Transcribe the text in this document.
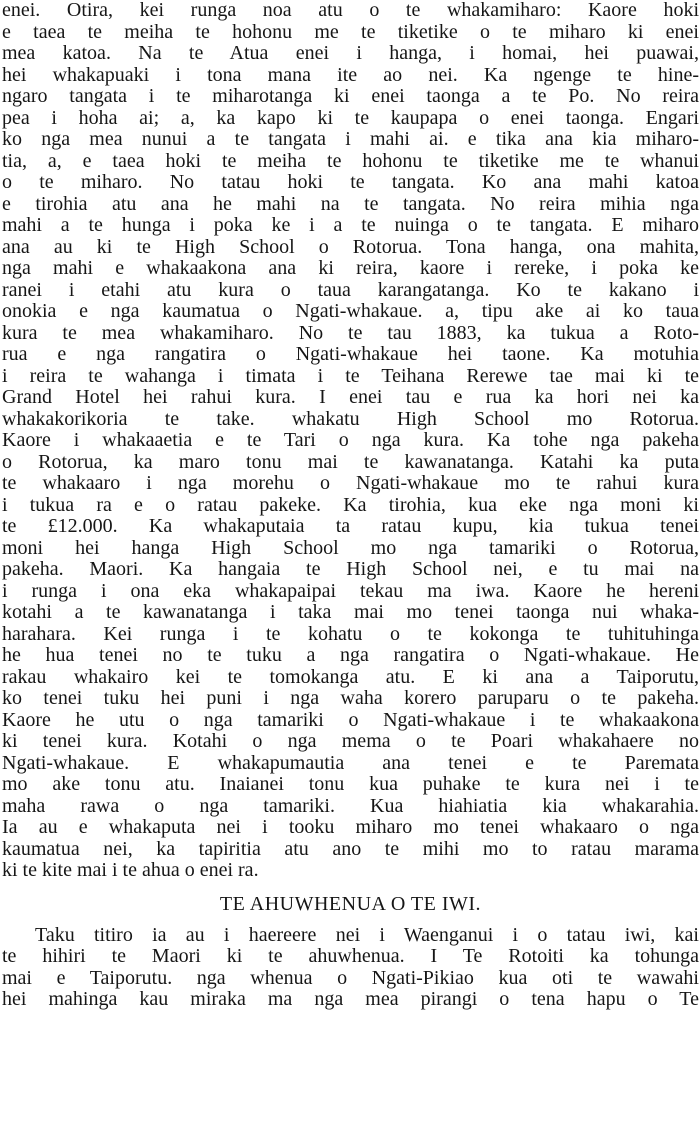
enei. Otira, kei runga noa atu o te whakamiharo: Kaore hoki
e taea te meiha te hohonu me te tiketike o te miharo ki enei
mea katoa. Na te Atua enei i hanga, i homai, hei puawai,
hei whakapuaki i tona mana ite ao nei. Ka ngenge te hine-
ngaro tangata i te miharotanga ki enei taonga a te Po. No reira
pea i hoha ai; a, ka kapo ki te kaupapa o enei taonga. Engari
ko nga mea nunui a te tangata i mahi ai. e tika ana kia miharo-
tia, a, e taea hoki te meiha te hohonu te tiketike me te whanui
o te miharo. No tatau hoki te tangata. Ko ana mahi katoa
e tirohia atu ana he mahi na te tangata. No reira mihia nga
mahi a te hunga i poka ke i a te nuinga o te tangata. E miharo
ana au ki te High School o Rotorua. Tona hanga, ona mahita,
nga mahi e whakaakona ana ki reira, kaore i rereke, i poka ke
ranei i etahi atu kura o taua karangatanga. Ko te kakano i
onokia e nga kaumatua o Ngati-whakaue. a, tipu ake ai ko taua
kura te mea whakamiharo. No te tau 1883, ka tukua a Roto-
rua e nga rangatira o Ngati-whakaue hei taone. Ka motuhia
i reira te wahanga i timata i te Teihana Rerewe tae mai ki te
Grand Hotel hei rahui kura. I enei tau e rua ka hori nei ka
whakakorikoria te take. whakatu High School mo Rotorua.
Kaore i whakaaetia e te Tari o nga kura. Ka tohe nga pakeha
o Rotorua, ka maro tonu mai te kawanatanga. Katahi ka puta
te whakaaro i nga morehu o Ngati-whakaue mo te rahui kura
i tukua ra e o ratau pakeke. Ka tirohia, kua eke nga moni ki
te £12.000. Ka whakaputaia ta ratau kupu, kia tukua tenei
moni hei hanga High School mo nga tamariki o Rotorua,
pakeha. Maori. Ka hangaia te High School nei, e tu mai na
i runga i ona eka whakapaipai tekau ma iwa. Kaore he hereni
kotahi a te kawanatanga i taka mai mo tenei taonga nui whaka-
harahara. Kei runga i te kohatu o te kokonga te tuhituhinga
he hua tenei no te tuku a nga rangatira o Ngati-whakaue. He
rakau whakairo kei te tomokanga atu. E ki ana a Taiporutu,
ko tenei tuku hei puni i nga waha korero paruparu o te pakeha.
Kaore he utu o nga tamariki o Ngati-whakaue i te whakaakona
ki tenei kura. Kotahi o nga mema o te Poari whakahaere no
Ngati-whakaue. E whakapumautia ana tenei e te Paremata
mo ake tonu atu. Inaianei tonu kua puhake te kura nei i te
maha rawa o nga tamariki. Kua hiahiatia kia whakarahia.
Ia au e whakaputa nei i tooku miharo mo tenei whakaaro o nga
kaumatua nei, ka tapiritia atu ano te mihi mo to ratau marama
ki te kite mai i te ahua o enei ra.
TE AHUWHENUA O TE IWI.
Taku titiro ia au i haereere nei i Waenganui i o tatau iwi, kai
te hihiri te Maori ki te ahuwhenua. I Te Rotoiti ka tohunga
mai e Taiporutu. nga whenua o Ngati-Pikiao kua oti te wawahi
hei mahinga kau miraka ma nga mea pirangi o tena hapu o Te
